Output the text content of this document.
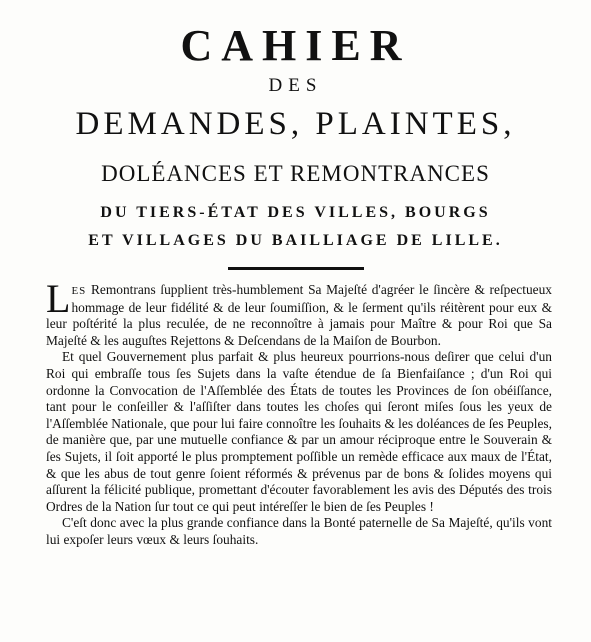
CAHIER
DES
DEMANDES, PLAINTES,
DOLÉANCES ET REMONTRANCES
DU TIERS-ÉTAT DES VILLES, BOURGS
ET VILLAGES DU BAILLIAGE DE LILLE.

LES Remontrans ſupplient très-humblement Sa Majeſté d'agréer le ſincère & reſpectueux hommage de leur fidélité & de leur ſoumiſſion, & le ſerment qu'ils réitèrent pour eux & leur poſtérité la plus reculée, de ne reconnoître à jamais pour Maître & pour Roi que Sa Majeſté & les auguſtes Rejettons & Deſcendans de la Maiſon de Bourbon.

Et quel Gouvernement plus parfait & plus heureux pourrions-nous deſirer que celui d'un Roi qui embraſſe tous ſes Sujets dans la vaſte étendue de ſa Bienfaiſance ; d'un Roi qui ordonne la Convocation de l'Aſſemblée des États de toutes les Provinces de ſon obéiſſance, tant pour le conſeiller & l'aſſiſter dans toutes les choſes qui ſeront miſes ſous les yeux de l'Aſſemblée Nationale, que pour lui faire connoître les ſouhaits & les doléances de ſes Peuples, de manière que, par une mutuelle confiance & par un amour réciproque entre le Souverain & ſes Sujets, il ſoit apporté le plus promptement poſſible un remède efficace aux maux de l'État, & que les abus de tout genre ſoient réformés & prévenus par de bons & ſolides moyens qui aſſurent la félicité publique, promettant d'écouter favorablement les avis des Députés des trois Ordres de la Nation ſur tout ce qui peut intéreſſer le bien de ſes Peuples !

C'eſt donc avec la plus grande confiance dans la Bonté paternelle de Sa Majeſté, qu'ils vont lui expoſer leurs vœux & leurs ſouhaits.
